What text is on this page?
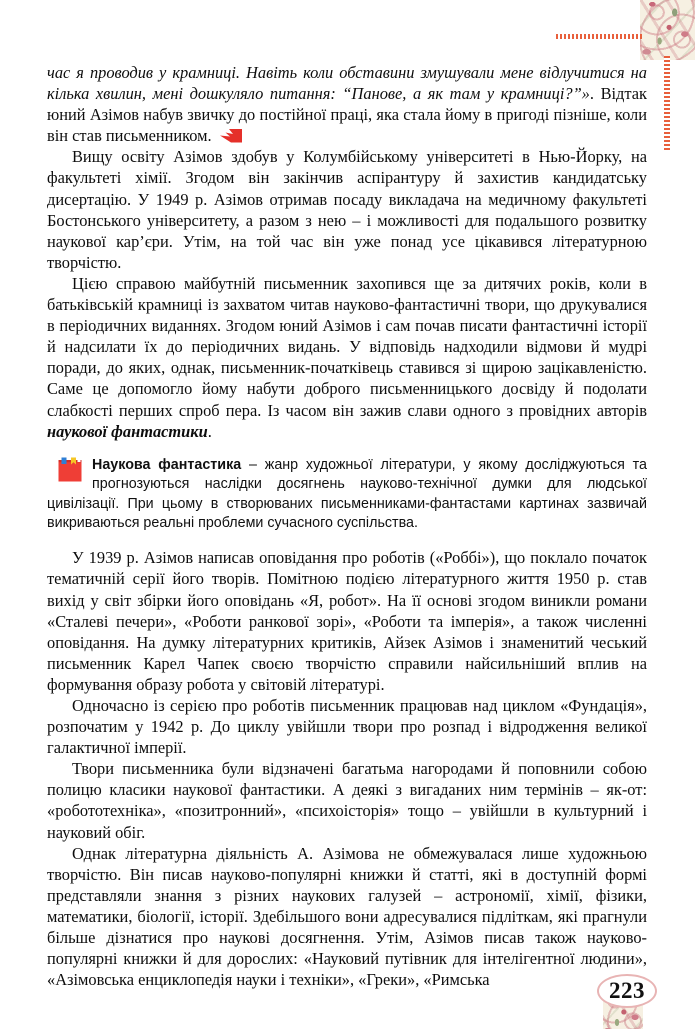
223

час я проводив у крамниці. Навіть коли обставини змушували мене відлучитися на кілька хвилин, мені дошкуляло питання: “Панове, а як там у крамниці?”». Відтак юний Азімов набув звичку до постійної праці, яка стала йому в пригоді пізніше, коли він став письменником.

Вищу освіту Азімов здобув у Колумбійському університеті в Нью-Йорку, на факультеті хімії. Згодом він закінчив аспірантуру й захистив кандидатську дисертацію. У 1949 р. Азімов отримав посаду викладача на медичному факультеті Бостонського університету, а разом з нею – і можливості для подальшого розвитку наукової кар’єри. Утім, на той час він уже понад усе цікавився літературною творчістю.

Цією справою майбутній письменник захопився ще за дитячих років, коли в батьківській крамниці із захватом читав науково-фантастичні твори, що друкувалися в періодичних виданнях. Згодом юний Азімов і сам почав писати фантастичні історії й надсилати їх до періодичних видань. У відповідь надходили відмови й мудрі поради, до яких, однак, письменник-початківець ставився зі щирою зацікавленістю. Саме це допомогло йому набути доброго письменницького досвіду й подолати слабкості перших спроб пера. Із часом він зажив слави одного з провідних авторів наукової фантастики.

Наукова фантастика – жанр художньої літератури, у якому досліджуються та прогнозуються наслідки досягнень науково-технічної думки для людської цивілізації. При цьому в створюваних письменниками-фантастами картинах зазвичай викриваються реальні проблеми сучасного суспільства.

У 1939 р. Азімов написав оповідання про роботів («Роббі»), що поклало початок тематичній серії його творів. Помітною подією літературного життя 1950 р. став вихід у світ збірки його оповідань «Я, робот». На її основі згодом виникли романи «Сталеві печери», «Роботи ранкової зорі», «Роботи та імперія», а також численні оповідання. На думку літературних критиків, Айзек Азімов і знаменитий чеський письменник Карел Чапек своєю творчістю справили найсильніший вплив на формування образу робота у світовій літературі.

Одночасно із серією про роботів письменник працював над циклом «Фундація», розпочатим у 1942 р. До циклу увійшли твори про розпад і відродження великої галактичної імперії.

Твори письменника були відзначені багатьма нагородами й поповнили собою полицю класики наукової фантастики. А деякі з вигаданих ним термінів – як-от: «робототехніка», «позитронний», «психоісторія» тощо – увійшли в культурний і науковий обіг.

Однак літературна діяльність А. Азімова не обмежувалася лише художньою творчістю. Він писав науково-популярні книжки й статті, які в доступній формі представляли знання з різних наукових галузей – астрономії, хімії, фізики, математики, біології, історії. Здебільшого вони адресувалися підліткам, які прагнули більше дізнатися про наукові досягнення. Утім, Азімов писав також науково-популярні книжки й для дорослих: «Науковий путівник для інтелігентної людини», «Азімовська енциклопедія науки і техніки», «Греки», «Римська
